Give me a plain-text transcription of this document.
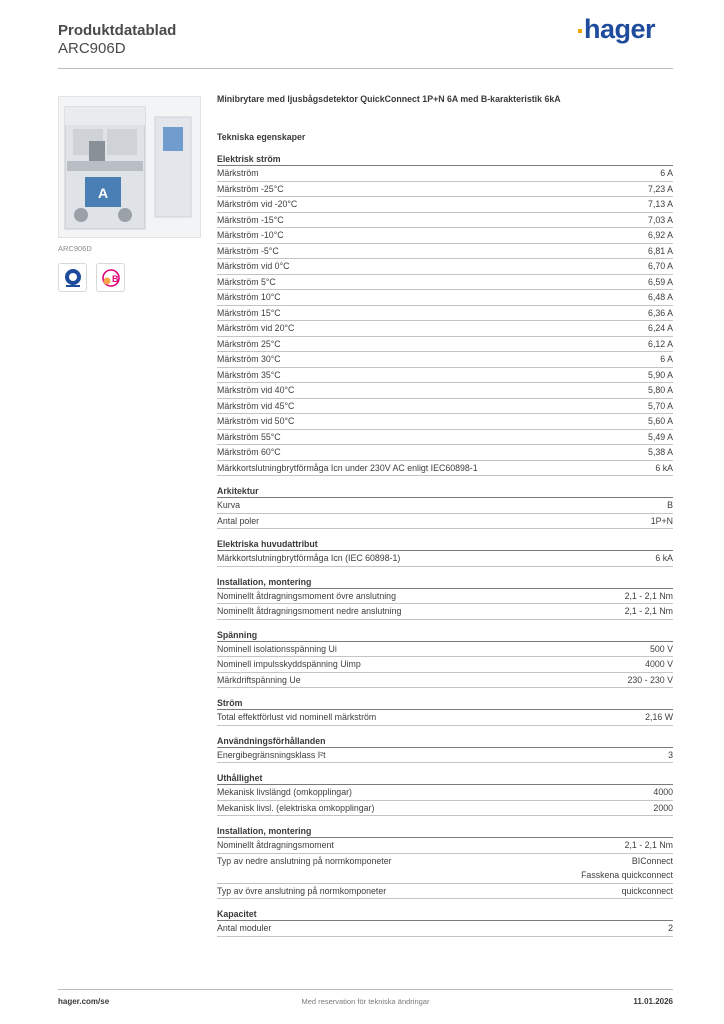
Produktdatablad
ARC906D
hager
A
ARC906D
B
Minibrytare med ljusbågsdetektor QuickConnect 1P+N 6A med B-karakteristik 6kA
Tekniska egenskaper
Elektrisk ström
Märkström	6 A
Märkström -25°C	7,23 A
Märkström vid -20°C	7,13 A
Märkström -15°C	7,03 A
Märkström -10°C	6,92 A
Märkström -5°C	6,81 A
Märkström vid 0°C	6,70 A
Märkström 5°C	6,59 A
Märkström 10°C	6,48 A
Märkström 15°C	6,36 A
Märkström vid 20°C	6,24 A
Märkström 25°C	6,12 A
Märkström 30°C	6 A
Märkström 35°C	5,90 A
Märkström vid 40°C	5,80 A
Märkström vid 45°C	5,70 A
Märkström vid 50°C	5,60 A
Märkström 55°C	5,49 A
Märkström 60°C	5,38 A
Märkkortslutningbrytförmåga Icn under 230V AC enligt IEC60898-1	6 kA
Arkitektur
Kurva	B
Antal poler	1P+N
Elektriska huvudattribut
Märkkortslutningbrytförmåga Icn (IEC 60898-1)	6 kA
Installation, montering
Nominellt åtdragningsmoment övre anslutning	2,1 - 2,1 Nm
Nominellt åtdragningsmoment nedre anslutning	2,1 - 2,1 Nm
Spänning
Nominell isolationsspänning Ui	500 V
Nominell impulsskyddspänning Uimp	4000 V
Märkdriftspänning Ue	230 - 230 V
Ström
Total effektförlust vid nominell märkström	2,16 W
Användningsförhållanden
Energibegränsningsklass I²t	3
Uthållighet
Mekanisk livslängd (omkopplingar)	4000
Mekanisk livsl. (elektriska omkopplingar)	2000
Installation, montering
Nominellt åtdragningsmoment	2,1 - 2,1 Nm
Typ av nedre anslutning på normkomponeter	BIConnect
Fasskena quickconnect
Typ av övre anslutning på normkomponeter	quickconnect
Kapacitet
Antal moduler	2
hager.com/se	Med reservation för tekniska ändringar	11.01.2026
